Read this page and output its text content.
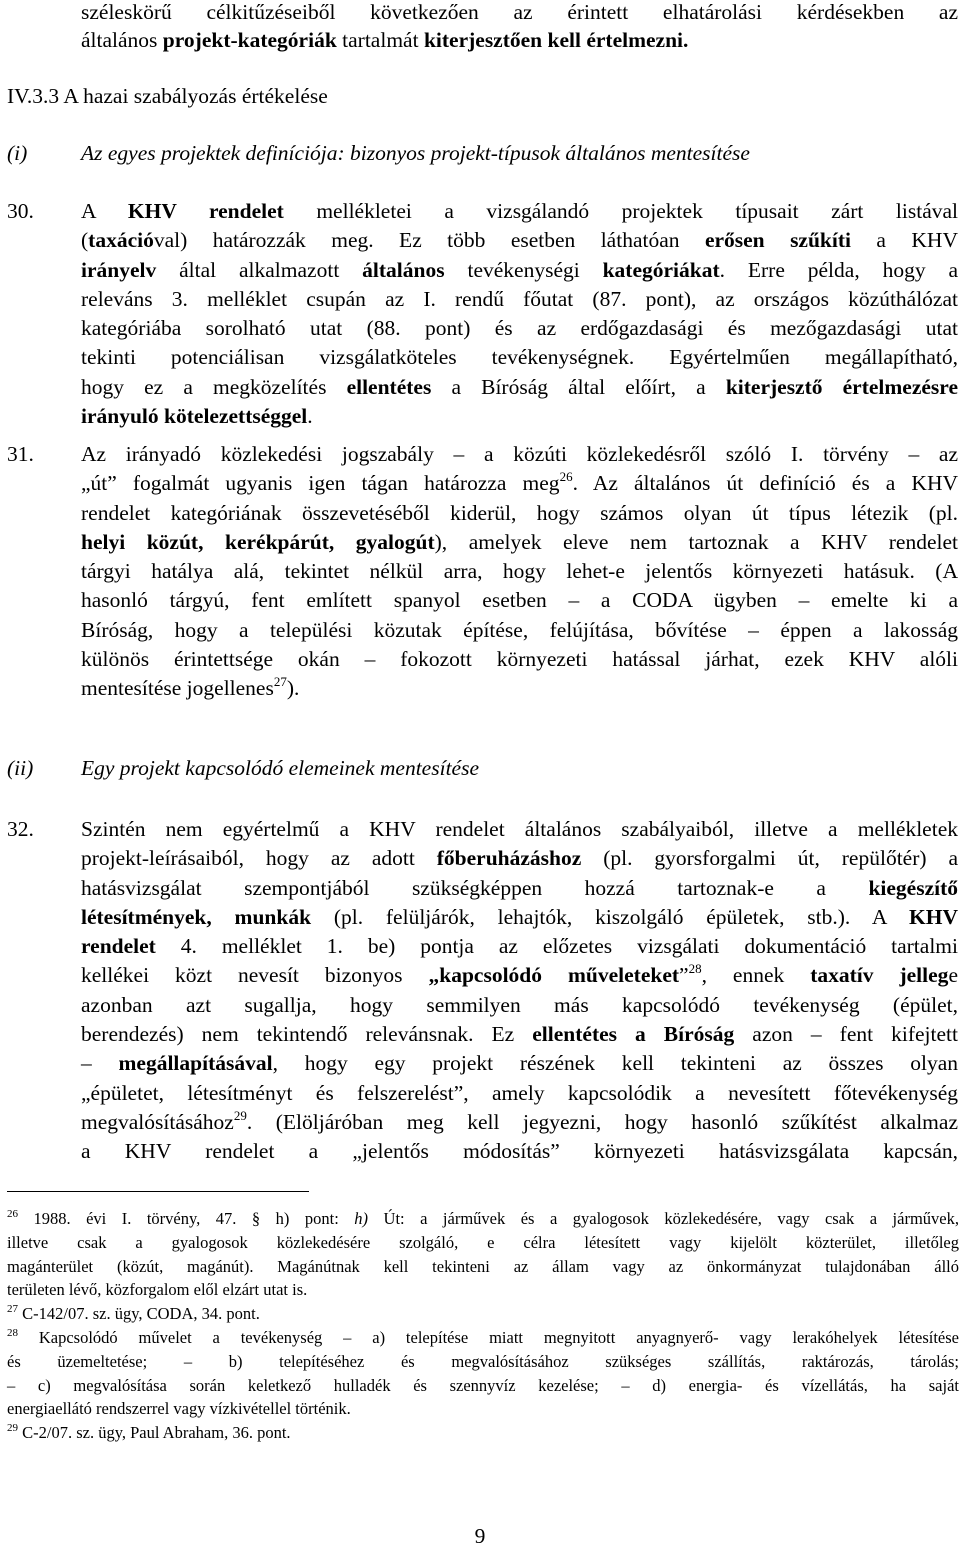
széleskörű célkitűzéseiből következően az érintett elhatárolási kérdésekben az

általános projekt-kategóriák tartalmát kiterjesztően kell értelmezni.

IV.3.3 A hazai szabályozás értékelése
(i) Az egyes projektek definíciója: bizonyos projekt-típusok általános mentesítése
30. A KHV rendelet mellékletei a vizsgálandó projektek típusait zárt listával

(taxációval) határozzák meg. Ez több esetben láthatóan erősen szűkíti a KHV

irányelv által alkalmazott általános tevékenységi kategóriákat. Erre példa, hogy a

releváns 3. melléklet csupán az I. rendű főutat (87. pont), az országos közúthálózat

kategóriába sorolható utat (88. pont) és az erdőgazdasági és mezőgazdasági utat

tekinti potenciálisan vizsgálatköteles tevékenységnek. Egyértelműen megállapítható,

hogy ez a megközelítés ellentétes a Bíróság által előírt, a kiterjesztő értelmezésre

irányuló kötelezettséggel.

31. Az irányadó közlekedési jogszabály – a közúti közlekedésről szóló I. törvény – az

„út” fogalmát ugyanis igen tágan határozza meg$^{26}$. Az általános út definíció és a KHV

rendelet kategóriának összevetéséből kiderül, hogy számos olyan út típus létezik (pl.

helyi közút, kerékpárút, gyalogút), amelyek eleve nem tartoznak a KHV rendelet

tárgyi hatálya alá, tekintet nélkül arra, hogy lehet-e jelentős környezeti hatásuk. (A

hasonló tárgyú, fent említett spanyol esetben – a CODA ügyben – emelte ki a

Bíróság, hogy a települési közutak építése, felújítása, bővítése – éppen a lakosság

különös érintettsége okán – fokozott környezeti hatással járhat, ezek KHV alóli

mentesítése jogellenes$^{27}$).

(ii) Egy projekt kapcsolódó elemeinek mentesítése
32. Szintén nem egyértelmű a KHV rendelet általános szabályaiból, illetve a mellékletek

projekt-leírásaiból, hogy az adott főberuházáshoz (pl. gyorsforgalmi út, repülőtér) a

hatásvizsgálat szempontjából szükségképpen hozzá tartoznak-e a kiegészítő

létesítmények, munkák (pl. felüljárók, lehajtók, kiszolgáló épületek, stb.). A KHV

rendelet 4. melléklet 1. be) pontja az előzetes vizsgálati dokumentáció tartalmi

kellékei közt nevesít bizonyos „kapcsolódó műveleteket”$^{28}$, ennek taxatív jellege

azonban azt sugallja, hogy semmilyen más kapcsolódó tevékenység (épület,

berendezés) nem tekintendő relevánsnak. Ez ellentétes a Bíróság azon – fent kifejtett

– megállapításával, hogy egy projekt részének kell tekinteni az összes olyan

„épületet, létesítményt és felszerelést”, amely kapcsolódik a nevesített főtevékenység

megvalósításához$^{29}$. (Elöljáróban meg kell jegyezni, hogy hasonló szűkítést alkalmaz

a KHV rendelet a „jelentős módosítás” környezeti hatásvizsgálata kapcsán,

$^{26}$ 1988. évi I. törvény, 47. § h) pont: h) Út: a járművek és a gyalogosok közlekedésére, vagy csak a járművek,

illetve csak a gyalogosok közlekedésére szolgáló, e célra létesített vagy kijelölt közterület, illetőleg

magánterület (közút, magánút). Magánútnak kell tekinteni az állam vagy az önkormányzat tulajdonában álló

területen lévő, közforgalom elől elzárt utat is.

$^{27}$ C-142/07. sz. ügy, CODA, 34. pont.

$^{28}$ Kapcsolódó művelet a tevékenység – a) telepítése miatt megnyitott anyagnyerő- vagy lerakóhelyek létesítése

és üzemeltetése; – b) telepítéséhez és megvalósításához szükséges szállítás, raktározás, tárolás;

– c) megvalósítása során keletkező hulladék és szennyvíz kezelése; – d) energia- és vízellátás, ha saját

energiaellátó rendszerrel vagy vízkivétellel történik.

$^{29}$ C-2/07. sz. ügy, Paul Abraham, 36. pont.

9
